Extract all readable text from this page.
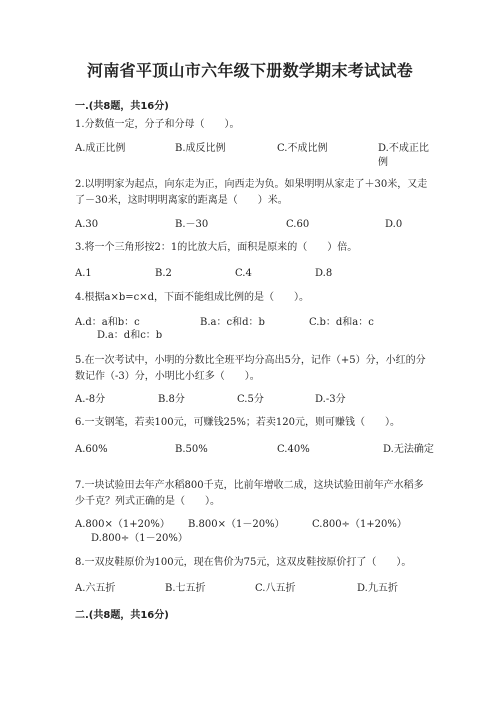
河南省平顶山市六年级下册数学期末考试试卷
一.(共8题，共16分)
1.分数值一定，分子和分母（　　）。
A.成正比例	B.成反比例	C.不成比例	D.不成正比例
2.以明明家为起点，向东走为正，向西走为负。如果明明从家走了＋30米，又走了－30米，这时明明离家的距离是（　　）米。
A.30	B.－30	C.60	D.0
3.将一个三角形按2：1的比放大后，面积是原来的（　　）倍。
A.1	B.2	C.4	D.8
4.根据a×b=c×d，下面不能组成比例的是（　　）。
A.d：a和b：c	B.a：c和d：b	C.b：d和a：c
D.a：d和c：b
5.在一次考试中，小明的分数比全班平均分高出5分，记作（+5）分，小红的分数记作（-3）分，小明比小红多（　　）。
A.-8分	B.8分	C.5分	D.-3分
6.一支钢笔，若卖100元，可赚钱25%；若卖120元，则可赚钱（　　）。
A.60%	B.50%	C.40%	D.无法确定
7.一块试验田去年产水稻800千克，比前年增收二成，这块试验田前年产水稻多少千克？列式正确的是（　　）。
A.800×（1+20%） B.800×（1－20%）	C.800÷（1+20%）
D.800÷（1－20%）
8.一双皮鞋原价为100元，现在售价为75元，这双皮鞋按原价打了（　　）。
A.六五折	B.七五折	C.八五折	D.九五折
二.(共8题，共16分)
